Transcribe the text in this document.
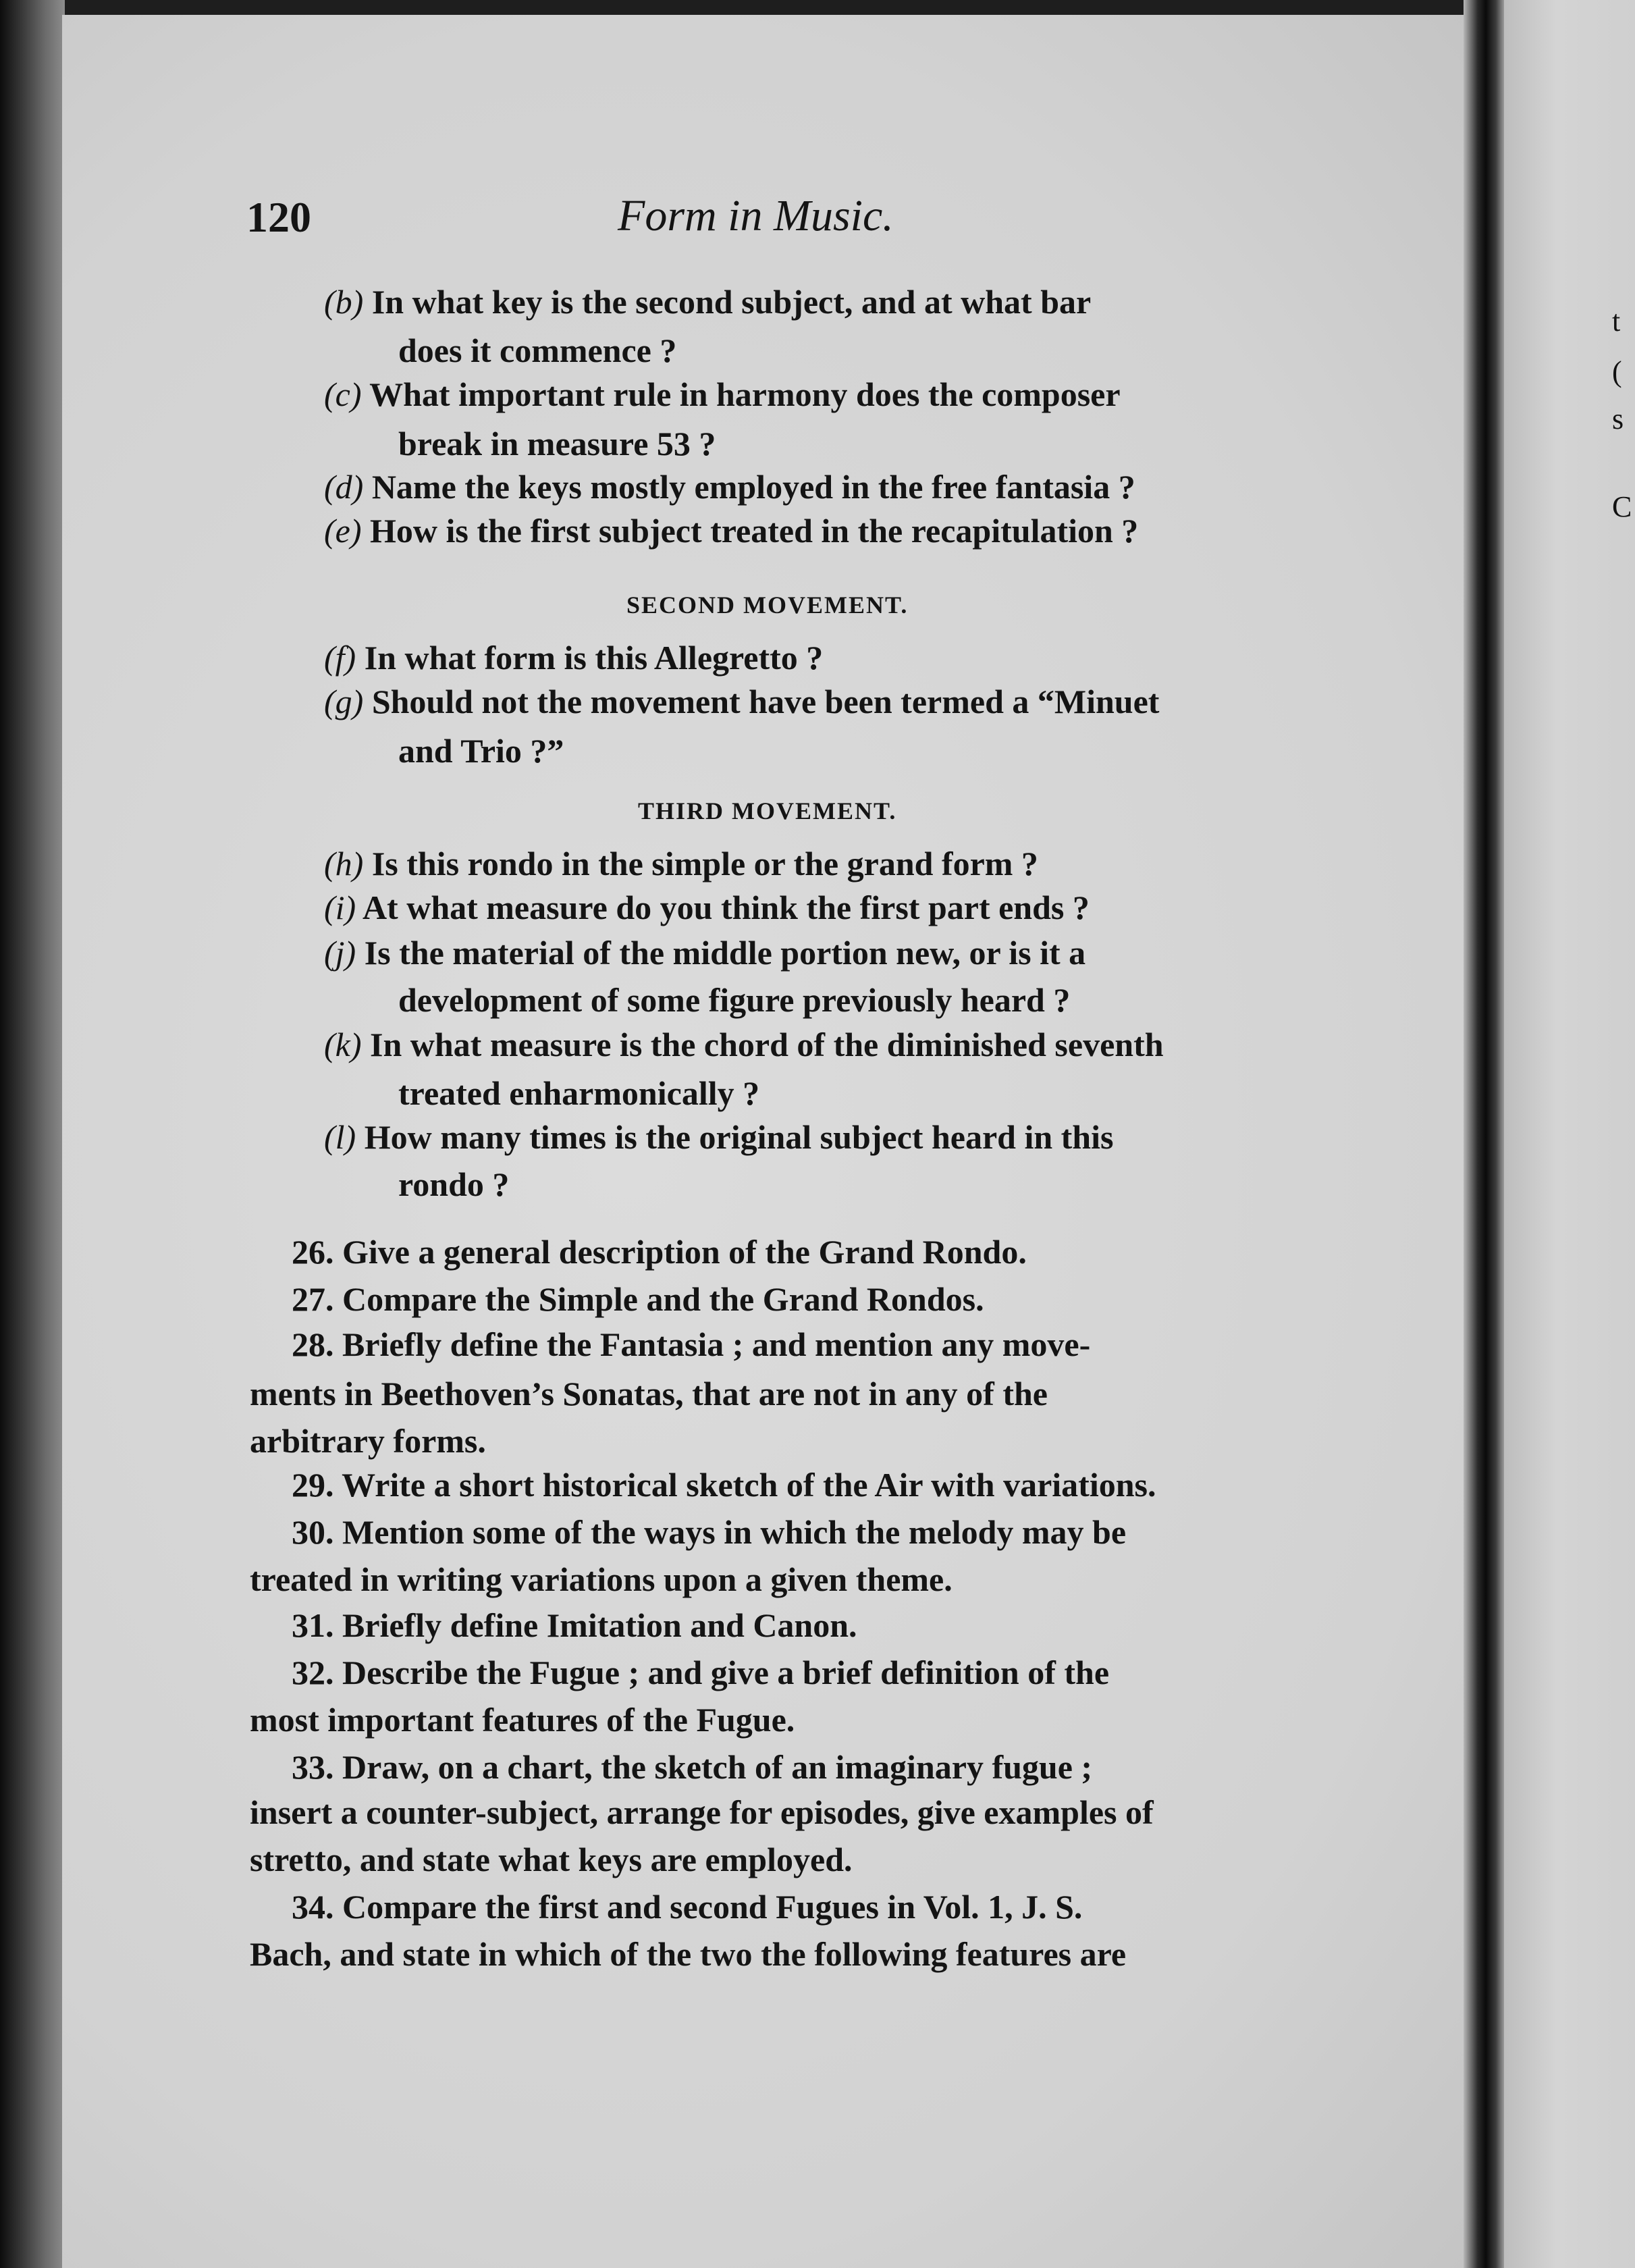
t
(
s
C
120	Form in Music.
(b) In what key is the second subject, and at what bar
does it commence ?
(c) What important rule in harmony does the composer
break in measure 53 ?
(d) Name the keys mostly employed in the free fantasia ?
(e) How is the first subject treated in the recapitulation ?
SECOND MOVEMENT.
(f) In what form is this Allegretto ?
(g) Should not the movement have been termed a “Minuet
and Trio ?”
THIRD MOVEMENT.
(h) Is this rondo in the simple or the grand form ?
(i) At what measure do you think the first part ends ?
(j) Is the material of the middle portion new, or is it a
development of some figure previously heard ?
(k) In what measure is the chord of the diminished seventh
treated enharmonically ?
(l) How many times is the original subject heard in this
rondo ?
26. Give a general description of the Grand Rondo.
27. Compare the Simple and the Grand Rondos.
28. Briefly define the Fantasia ; and mention any move-
ments in Beethoven’s Sonatas, that are not in any of the
arbitrary forms.
29. Write a short historical sketch of the Air with variations.
30. Mention some of the ways in which the melody may be
treated in writing variations upon a given theme.
31. Briefly define Imitation and Canon.
32. Describe the Fugue ; and give a brief definition of the
most important features of the Fugue.
33. Draw, on a chart, the sketch of an imaginary fugue ;
insert a counter-subject, arrange for episodes, give examples of
stretto, and state what keys are employed.
34. Compare the first and second Fugues in Vol. 1, J. S.
Bach, and state in which of the two the following features are
